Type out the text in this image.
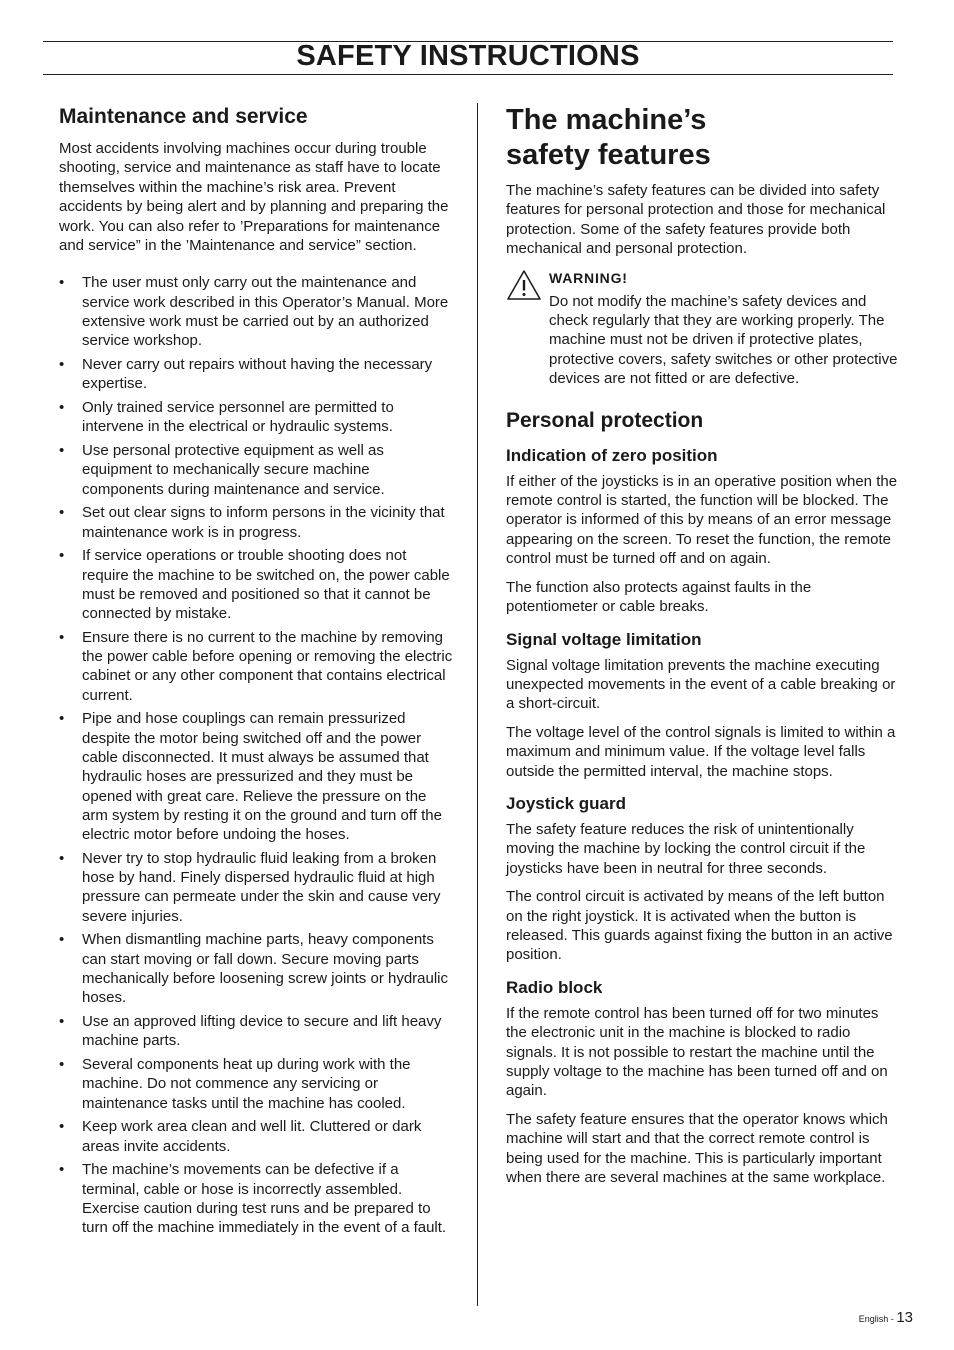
SAFETY INSTRUCTIONS
Maintenance and service

Most accidents involving machines occur during trouble shooting, service and maintenance as staff have to locate themselves within the machine’s risk area. Prevent accidents by being alert and by planning and preparing the work. You can also refer to ’Preparations for maintenance and service” in the ’Maintenance and service” section.

• The user must only carry out the maintenance and service work described in this Operator’s Manual. More extensive work must be carried out by an authorized service workshop.
• Never carry out repairs without having the necessary expertise.
• Only trained service personnel are permitted to intervene in the electrical or hydraulic systems.
• Use personal protective equipment as well as equipment to mechanically secure machine components during maintenance and service.
• Set out clear signs to inform persons in the vicinity that maintenance work is in progress.
• If service operations or trouble shooting does not require the machine to be switched on, the power cable must be removed and positioned so that it cannot be connected by mistake.
• Ensure there is no current to the machine by removing the power cable before opening or removing the electric cabinet or any other component that contains electrical current.
• Pipe and hose couplings can remain pressurized despite the motor being switched off and the power cable disconnected. It must always be assumed that hydraulic hoses are pressurized and they must be opened with great care. Relieve the pressure on the arm system by resting it on the ground and turn off the electric motor before undoing the hoses.
• Never try to stop hydraulic fluid leaking from a broken hose by hand. Finely dispersed hydraulic fluid at high pressure can permeate under the skin and cause very severe injuries.
• When dismantling machine parts, heavy components can start moving or fall down. Secure moving parts mechanically before loosening screw joints or hydraulic hoses.
• Use an approved lifting device to secure and lift heavy machine parts.
• Several components heat up during work with the machine. Do not commence any servicing or maintenance tasks until the machine has cooled.
• Keep work area clean and well lit. Cluttered or dark areas invite accidents.
• The machine’s movements can be defective if a terminal, cable or hose is incorrectly assembled. Exercise caution during test runs and be prepared to turn off the machine immediately in the event of a fault.
The machine’s
safety features

The machine’s safety features can be divided into safety features for personal protection and those for mechanical protection. Some of the safety features provide both mechanical and personal protection.

WARNING!

Do not modify the machine’s safety devices and check regularly that they are working properly. The machine must not be driven if protective plates, protective covers, safety switches or other protective devices are not fitted or are defective.

Personal protection
Indication of zero position

If either of the joysticks is in an operative position when the remote control is started, the function will be blocked. The operator is informed of this by means of an error message appearing on the screen. To reset the function, the remote control must be turned off and on again.

The function also protects against faults in the potentiometer or cable breaks.

Signal voltage limitation

Signal voltage limitation prevents the machine executing unexpected movements in the event of a cable breaking or a short-circuit.

The voltage level of the control signals is limited to within a maximum and minimum value. If the voltage level falls outside the permitted interval, the machine stops.

Joystick guard

The safety feature reduces the risk of unintentionally moving the machine by locking the control circuit if the joysticks have been in neutral for three seconds.

The control circuit is activated by means of the left button on the right joystick. It is activated when the button is released. This guards against fixing the button in an active position.

Radio block

If the remote control has been turned off for two minutes the electronic unit in the machine is blocked to radio signals. It is not possible to restart the machine until the supply voltage to the machine has been turned off and on again.

The safety feature ensures that the operator knows which machine will start and that the correct remote control is being used for the machine. This is particularly important when there are several machines at the same workplace.

English - 13
